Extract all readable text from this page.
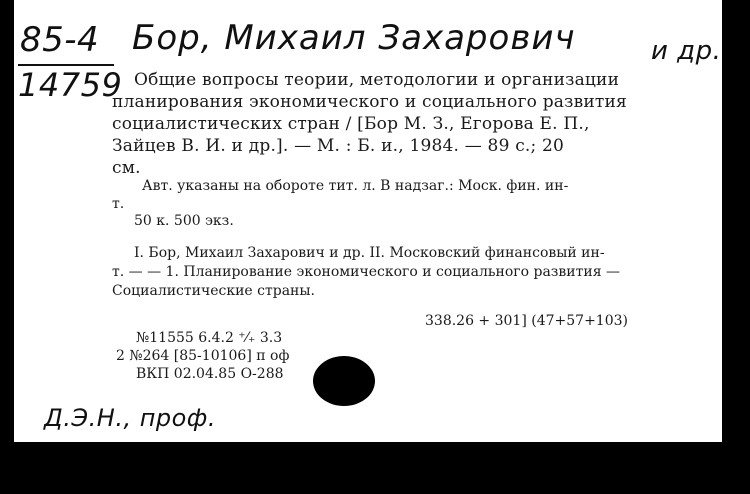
85-4
14759
Бор, Михаил Захарович	и др.
Общие вопросы теории, методологии и организации
планирования экономического и социального развития
социалистических стран / [Бор М. З., Егорова Е. П.,
Зайцев В. И. и др.]. — М. : Б. и., 1984. — 89 с.; 20
см.
Авт. указаны на обороте тит. л. В надзаг.: Моск. фин. ин-
т.
50 к. 500 экз.
I. Бор, Михаил Захарович и др. II. Московский финансовый ин-
т. — — 1. Планирование экономического и социального развития —
Социалистические страны.
338.26 + 301] (47+57+103)
№11555 6.4.2 ⁺⁄₊ 3.3
2 №264 [85-10106] п оф
ВКП 02.04.85 О-288
Д.Э.Н., проф.
